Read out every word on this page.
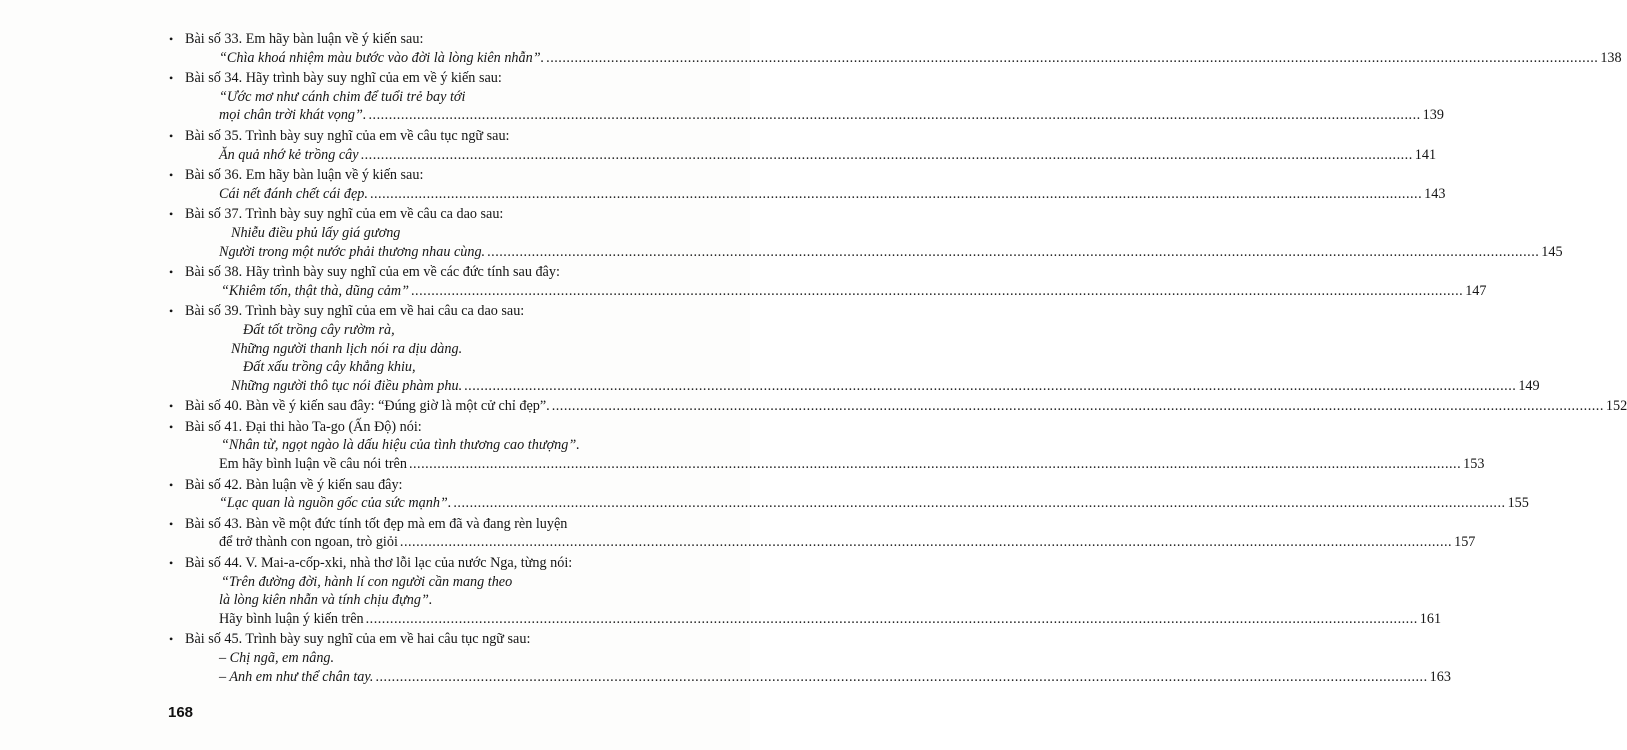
• Bài số 33. Em hãy bàn luận về ý kiến sau:
“Chìa khoá nhiệm màu bước vào đời là lòng kiên nhẫn”. .................................................................................................................................................................................................................................................................... 138
• Bài số 34. Hãy trình bày suy nghĩ của em về ý kiến sau:
“Ước mơ như cánh chim để tuổi trẻ bay tới
mọi chân trời khát vọng”. .................................................................................................................................................................................................................................................................... 139
• Bài số 35. Trình bày suy nghĩ của em về câu tục ngữ sau:
Ăn quả nhớ kẻ trồng cây .................................................................................................................................................................................................................................................................... 141
• Bài số 36. Em hãy bàn luận về ý kiến sau:
Cái nết đánh chết cái đẹp. .................................................................................................................................................................................................................................................................... 143
• Bài số 37. Trình bày suy nghĩ của em về câu ca dao sau:
Nhiễu điều phủ lấy giá gương
Người trong một nước phải thương nhau cùng. .................................................................................................................................................................................................................................................................... 145
• Bài số 38. Hãy trình bày suy nghĩ của em về các đức tính sau đây:
“Khiêm tốn, thật thà, dũng cảm” .................................................................................................................................................................................................................................................................... 147
• Bài số 39. Trình bày suy nghĩ của em về hai câu ca dao sau:
Đất tốt trồng cây rườm rà,
Những người thanh lịch nói ra dịu dàng.
Đất xấu trồng cây khẳng khiu,
Những người thô tục nói điều phàm phu. .................................................................................................................................................................................................................................................................... 149
• Bài số 40. Bàn về ý kiến sau đây: “Đúng giờ là một cử chỉ đẹp”. .................................................................................................................................................................................................................................................................... 152
• Bài số 41. Đại thi hào Ta-go (Ấn Độ) nói:
“Nhân từ, ngọt ngào là dấu hiệu của tình thương cao thượng”.
Em hãy bình luận về câu nói trên .................................................................................................................................................................................................................................................................... 153
• Bài số 42. Bàn luận về ý kiến sau đây:
“Lạc quan là nguồn gốc của sức mạnh”. .................................................................................................................................................................................................................................................................... 155
• Bài số 43. Bàn về một đức tính tốt đẹp mà em đã và đang rèn luyện
để trở thành con ngoan, trò giỏi .................................................................................................................................................................................................................................................................... 157
• Bài số 44. V. Mai-a-cốp-xki, nhà thơ lỗi lạc của nước Nga, từng nói:
“Trên đường đời, hành lí con người cần mang theo
là lòng kiên nhẫn và tính chịu đựng”.
Hãy bình luận ý kiến trên .................................................................................................................................................................................................................................................................... 161
• Bài số 45. Trình bày suy nghĩ của em về hai câu tục ngữ sau:
– Chị ngã, em nâng.
– Anh em như thể chân tay. .................................................................................................................................................................................................................................................................... 163
168
